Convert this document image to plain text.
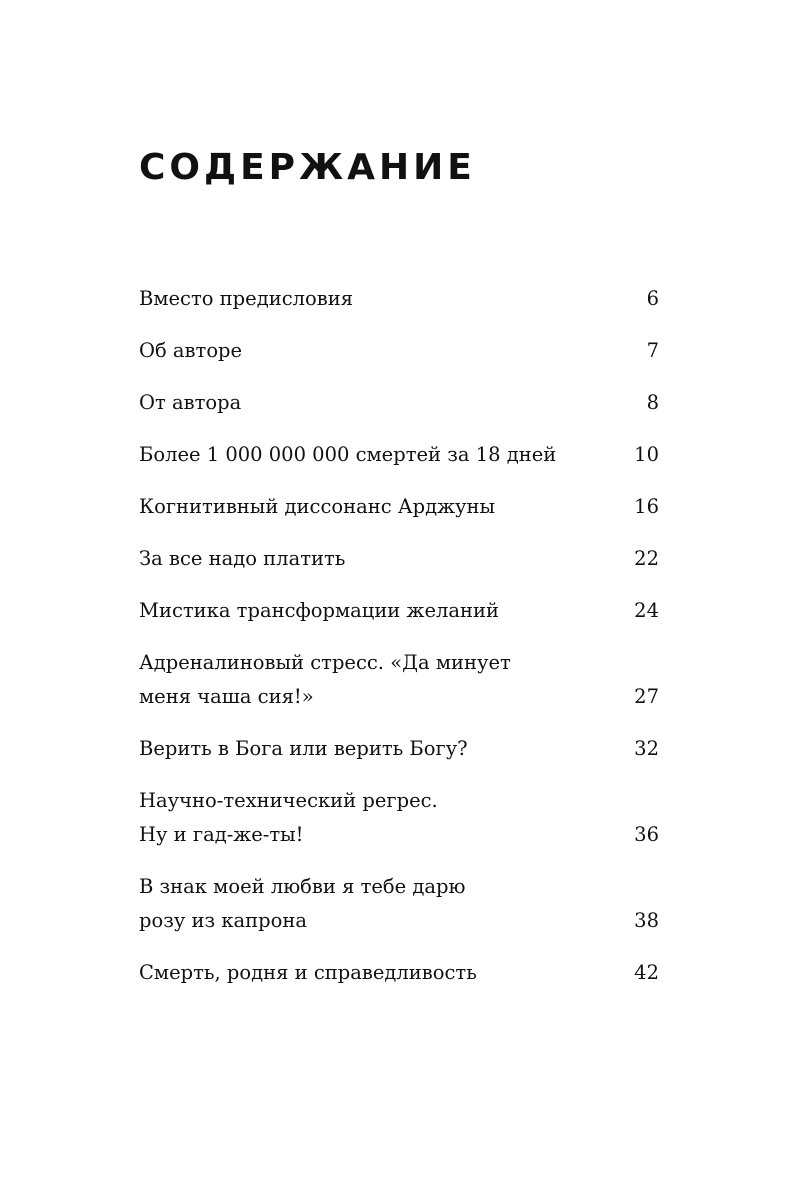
СОДЕРЖАНИЕ
Вместо предисловия	6
Об авторе	7
От автора	8
Более 1 000 000 000 смертей за 18 дней	10
Когнитивный диссонанс Арджуны	16
За все надо платить	22
Мистика трансформации желаний	24
Адреналиновый стресс. «Да минует
меня чаша сия!»	27
Верить в Бога или верить Богу?	32
Научно-технический регрес.
Ну и гад-же-ты!	36
В знак моей любви я тебе дарю
розу из капрона	38
Смерть, родня и справедливость	42
